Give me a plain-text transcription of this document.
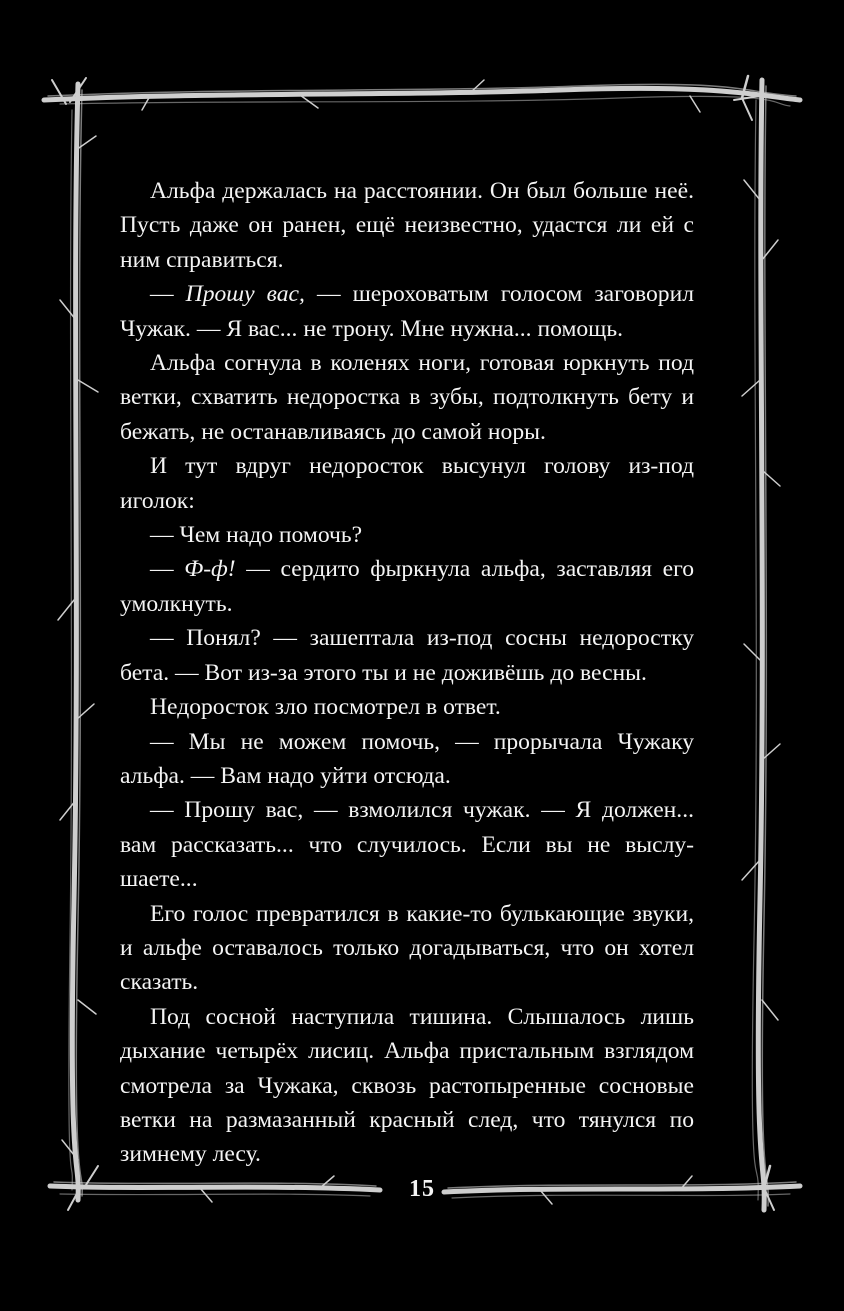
Альфа держалась на расстоянии. Он был больше неё. Пусть даже он ранен, ещё неизвестно, удастся ли ей с ним справиться.

— Прошу вас, — шероховатым голосом заговорил Чужак. — Я вас... не трону. Мне нужна... помощь.

Альфа согнула в коленях ноги, готовая юркнуть под ветки, схватить недоростка в зубы, подтолкнуть бету и бежать, не останавливаясь до самой норы.

И тут вдруг недоросток высунул голову из-под иголок:

— Чем надо помочь?

— Ф-ф! — сердито фыркнула альфа, заставляя его умолкнуть.

— Понял? — зашептала из-под сосны недоростку бета. — Вот из-за этого ты и не доживёшь до весны.

Недоросток зло посмотрел в ответ.

— Мы не можем помочь, — прорычала Чужаку альфа. — Вам надо уйти отсюда.

— Прошу вас, — взмолился чужак. — Я должен... вам рассказать... что случилось. Если вы не выслушаете...

Его голос превратился в какие-то булькающие звуки, и альфе оставалось только догадываться, что он хотел сказать.

Под сосной наступила тишина. Слышалось лишь дыхание четырёх лисиц. Альфа пристальным взглядом смотрела за Чужака, сквозь растопыренные сосновые ветки на размазанный красный след, что тянулся по зимнему лесу.

15
